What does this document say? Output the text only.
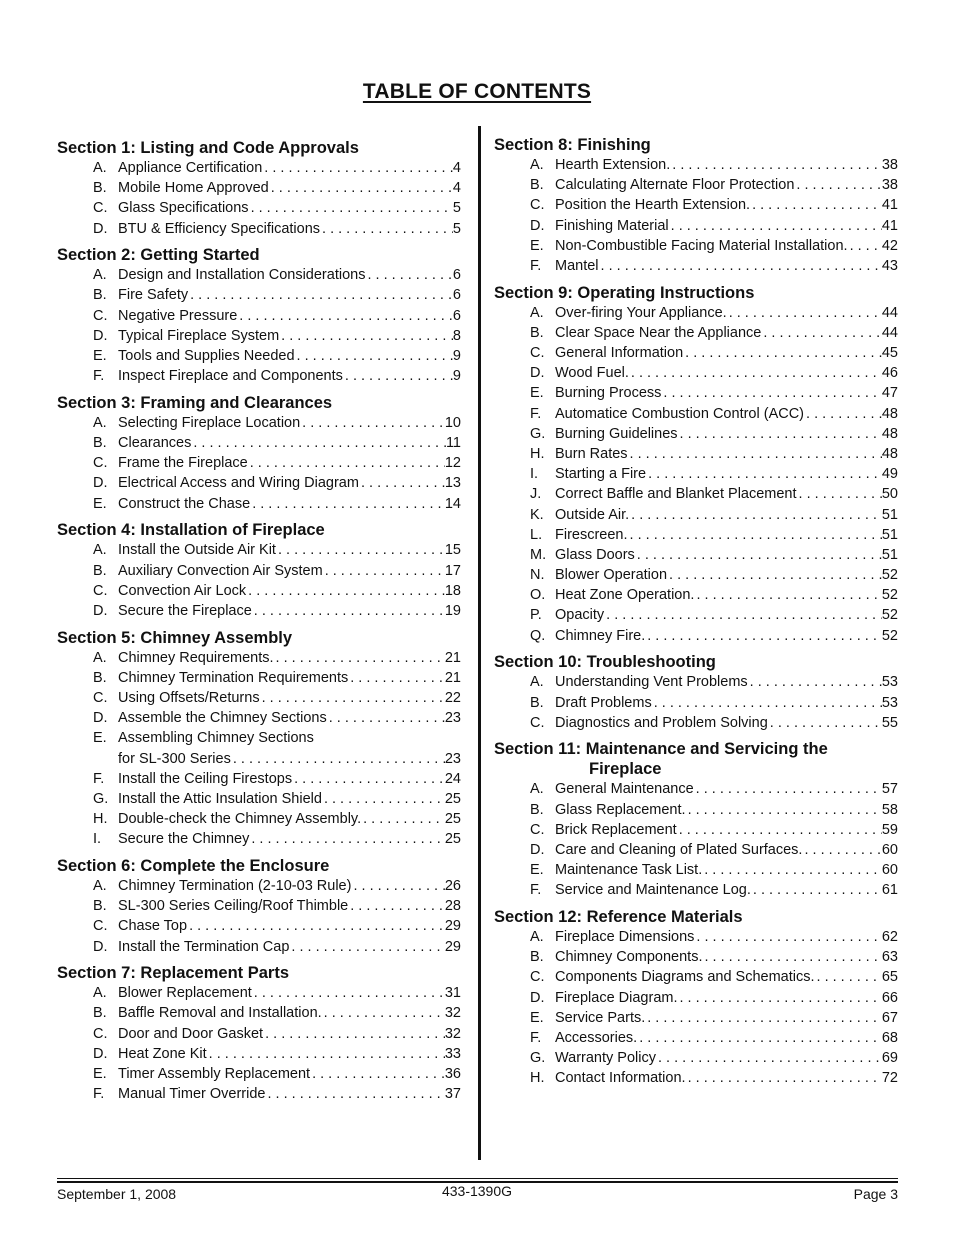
TABLE OF CONTENTS
Section 1: Listing and Code Approvals
A. Appliance Certification . . .	4
B. Mobile Home Approved . . .	4
C. Glass Specifications . . .	5
D. BTU & Efficiency Specifications . . .	5
Section 2: Getting Started
A. Design and Installation Considerations . . .	6
B. Fire Safety . . .	6
C. Negative Pressure . . .	6
D. Typical Fireplace System . . .	8
E. Tools and Supplies Needed . . .	9
F. Inspect Fireplace and Components . . .	9
Section 3: Framing and Clearances
A. Selecting Fireplace Location . . .	10
B. Clearances . . .	11
C. Frame the Fireplace . . .	12
D. Electrical Access and Wiring Diagram . . .	13
E. Construct the Chase . . .	14
Section 4: Installation of Fireplace
A. Install the Outside Air Kit . . .	15
B. Auxiliary Convection Air System . . .	17
C. Convection Air Lock . . .	18
D. Secure the Fireplace . . .	19
Section 5: Chimney Assembly
A. Chimney Requirements. . . .	21
B. Chimney Termination Requirements . . .	21
C. Using Offsets/Returns . . .	22
D. Assemble the Chimney Sections . . .	23
E. Assembling Chimney Sections
for SL-300 Series . . .	23
F. Install the Ceiling Firestops . . .	24
G. Install the Attic Insulation Shield . . .	25
H. Double-check the Chimney Assembly. . . .	25
I.	Secure the Chimney . . .	25
Section 6: Complete the Enclosure
A. Chimney Termination (2-10-03 Rule) . . .	26
B. SL-300 Series Ceiling/Roof Thimble . . .	28
C. Chase Top . . .	29
D. Install the Termination Cap . . .	29
Section 7: Replacement Parts
A. Blower Replacement . . .	31
B. Baffle Removal and Installation. . . .	32
C. Door and Door Gasket . . .	32
D. Heat Zone Kit . . .	33
E. Timer Assembly Replacement . . .	36
F. Manual Timer Override . . .	37
Section 8: Finishing
A. Hearth Extension. . . .	38
B. Calculating Alternate Floor Protection . . .	38
C. Position the Hearth Extension. . . .	41
D. Finishing Material . . .	41
E. Non-Combustible Facing Material Installation. . . . 42
F. Mantel . . .	43
Section 9: Operating Instructions
A. Over-firing Your Appliance. . . .	44
B. Clear Space Near the Appliance . . .	44
C. General Information . . .	45
D. Wood Fuel. . . .	46
E. Burning Process . . .	47
F. Automatice Combustion Control (ACC) . . .	48
G. Burning Guidelines . . .	48
H. Burn Rates . . .	48
I.	Starting a Fire . . .	49
J. Correct Baffle and Blanket Placement . . .	50
K. Outside Air. . . .	51
L. Firescreen. . . .	51
M. Glass Doors . . .	51
N. Blower Operation . . .	52
O. Heat Zone Operation. . . .	52
P. Opacity . . .	52
Q. Chimney Fire. . . .	52
Section 10: Troubleshooting
A. Understanding Vent Problems . . .	53
B. Draft Problems . . .	53
C. Diagnostics and Problem Solving . . .	55
Section 11: Maintenance and Servicing the
Fireplace
A. General Maintenance . . .	57
B. Glass Replacement. . . .	58
C. Brick Replacement . . .	59
D. Care and Cleaning of Plated Surfaces. . . .	60
E. Maintenance Task List. . . .	60
F. Service and Maintenance Log. . . .	61
Section 12: Reference Materials
A. Fireplace Dimensions . . .	62
B. Chimney Components. . . .	63
C. Components Diagrams and Schematics. . . .	65
D. Fireplace Diagram. . . .	66
E. Service Parts. . . .	67
F. Accessories. . . .	68
G. Warranty Policy . . .	69
H. Contact Information. . . .	72
September 1, 2008	433-1390G	Page 3
